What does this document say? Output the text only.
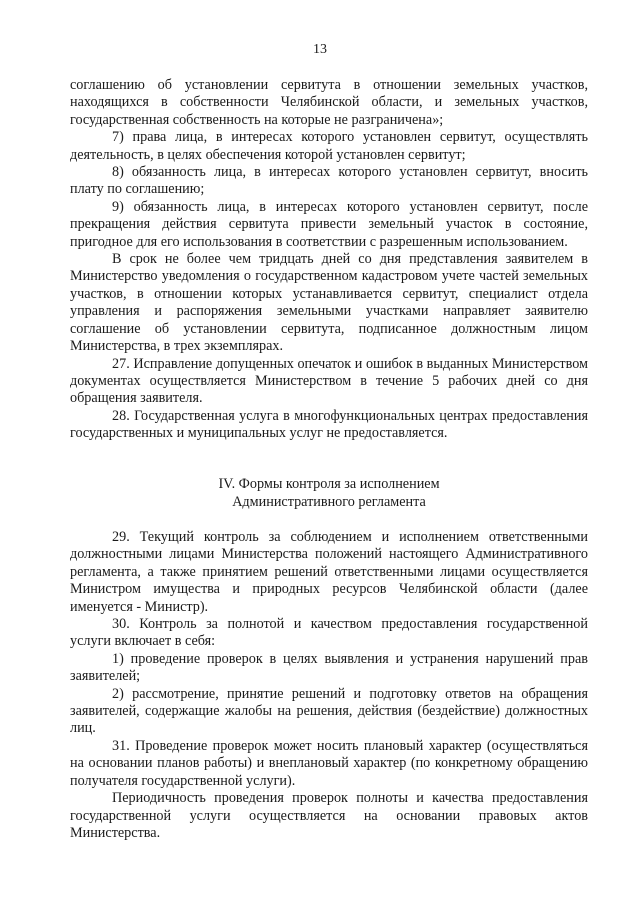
13

соглашению об установлении сервитута в отношении земельных участков, находящихся в собственности Челябинской области, и земельных участков, государственная собственность на которые не разграничена»;

7) права лица, в интересах которого установлен сервитут, осуществлять деятельность, в целях обеспечения которой установлен сервитут;

8) обязанность лица, в интересах которого установлен сервитут, вносить плату по соглашению;

9) обязанность лица, в интересах которого установлен сервитут, после прекращения действия сервитута привести земельный участок в состояние, пригодное для его использования в соответствии с разрешенным использованием.

В срок не более чем тридцать дней со дня представления заявителем в Министерство уведомления о государственном кадастровом учете частей земельных участков, в отношении которых устанавливается сервитут, специалист отдела управления и распоряжения земельными участками направляет заявителю соглашение об установлении сервитута, подписанное должностным лицом Министерства, в трех экземплярах.

27. Исправление допущенных опечаток и ошибок в выданных Министерством документах осуществляется Министерством в течение 5 рабочих дней со дня обращения заявителя.

28. Государственная услуга в многофункциональных центрах предоставления государственных и муниципальных услуг не предоставляется.

IV. Формы контроля за исполнением
Административного регламента

29. Текущий контроль за соблюдением и исполнением ответственными должностными лицами Министерства положений настоящего Административного регламента, а также принятием решений ответственными лицами осуществляется Министром имущества и природных ресурсов Челябинской области (далее именуется - Министр).

30. Контроль за полнотой и качеством предоставления государственной услуги включает в себя:

1) проведение проверок в целях выявления и устранения нарушений прав заявителей;

2) рассмотрение, принятие решений и подготовку ответов на обращения заявителей, содержащие жалобы на решения, действия (бездействие) должностных лиц.

31. Проведение проверок может носить плановый характер (осуществляться на основании планов работы) и внеплановый характер (по конкретному обращению получателя государственной услуги).

Периодичность проведения проверок полноты и качества предоставления государственной услуги осуществляется на основании правовых актов Министерства.
